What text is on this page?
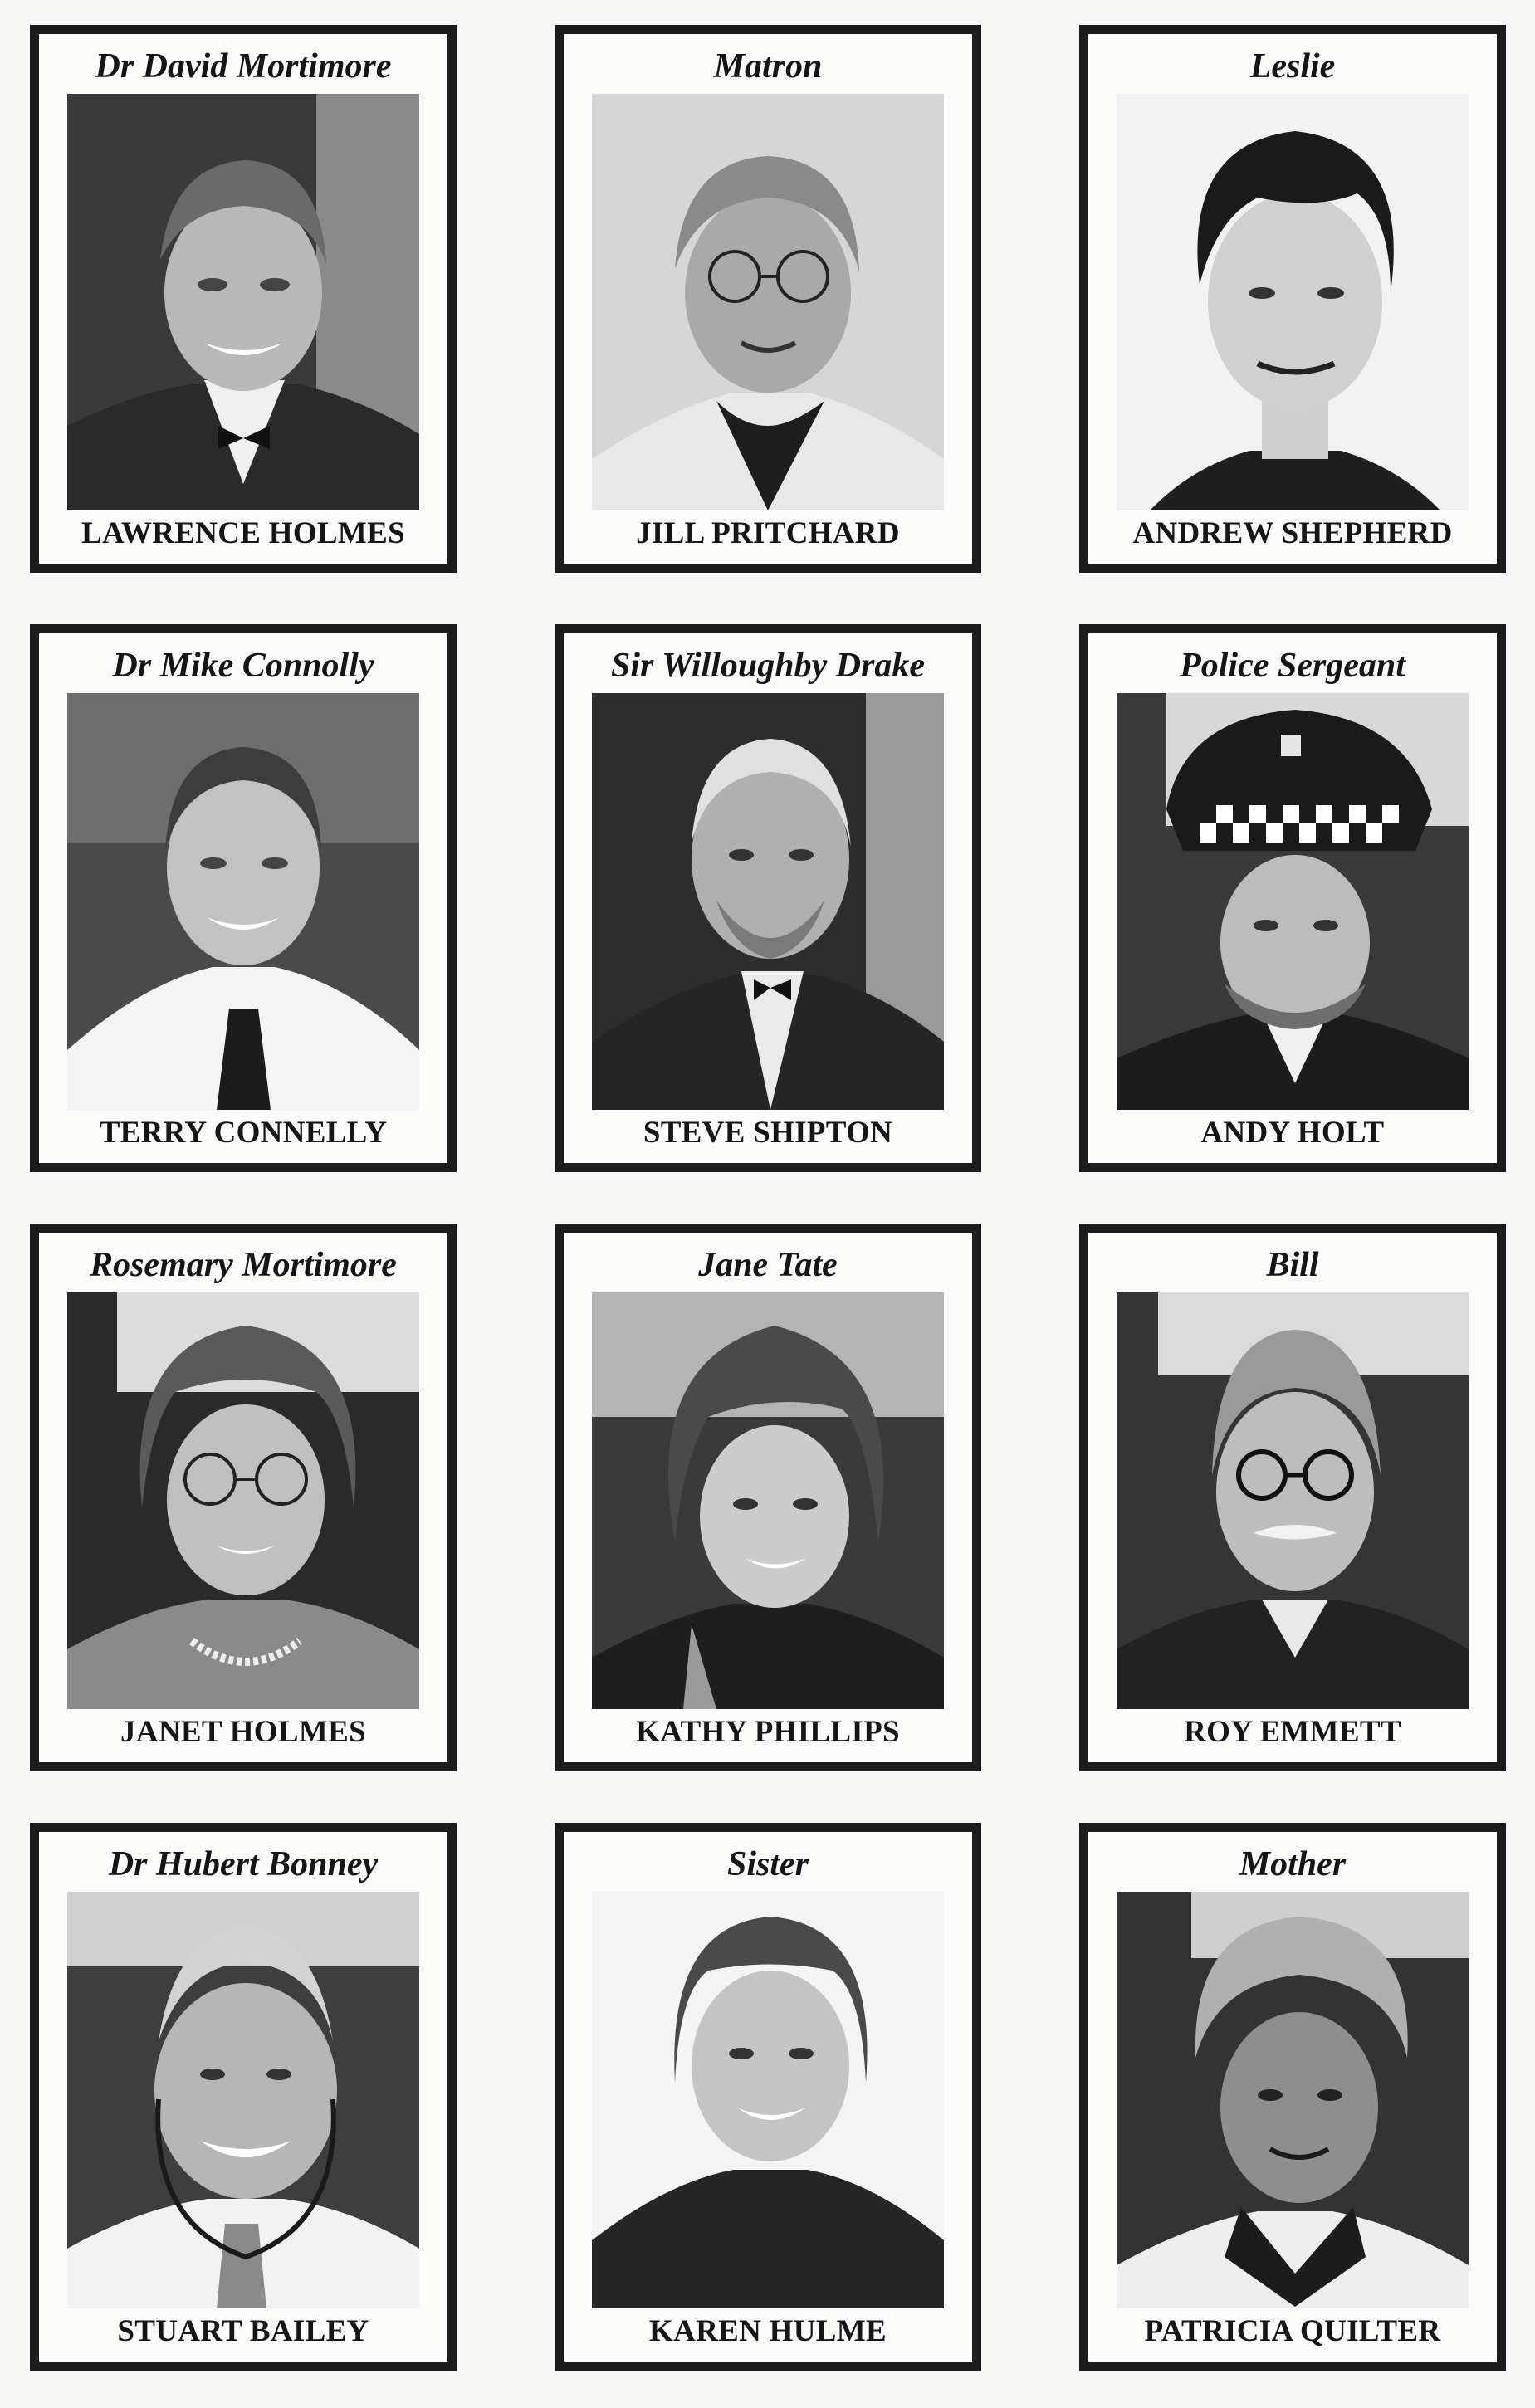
Dr David Mortimore
LAWRENCE HOLMES
Matron
JILL PRITCHARD
Leslie
ANDREW SHEPHERD
Dr Mike Connolly
TERRY CONNELLY
Sir Willoughby Drake
STEVE SHIPTON
Police Sergeant
ANDY HOLT
Rosemary Mortimore
JANET HOLMES
Jane Tate
KATHY PHILLIPS
Bill
ROY EMMETT
Dr Hubert Bonney
STUART BAILEY
Sister
KAREN HULME
Mother
PATRICIA QUILTER
